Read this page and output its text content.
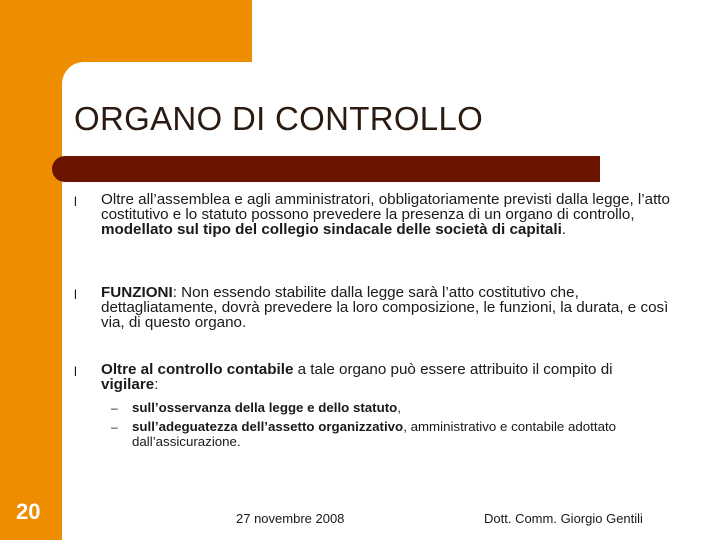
ORGANO DI CONTROLLO
l Oltre all’assemblea e agli amministratori, obbligatoriamente previsti dalla legge, l’atto costitutivo e lo statuto possono prevedere la presenza di un organo di controllo, modellato sul tipo del collegio sindacale delle società di capitali.
l FUNZIONI: Non essendo stabilite dalla legge sarà l’atto costitutivo che, dettagliatamente, dovrà prevedere la loro composizione, le funzioni, la durata, e così via, di questo organo.
l Oltre al controllo contabile a tale organo può essere attribuito il compito di vigilare:
– sull’osservanza della legge e dello statuto,
– sull’adeguatezza dell’assetto organizzativo, amministrativo e contabile adottato dall’assicurazione.
20	27 novembre 2008	Dott. Comm. Giorgio Gentili
